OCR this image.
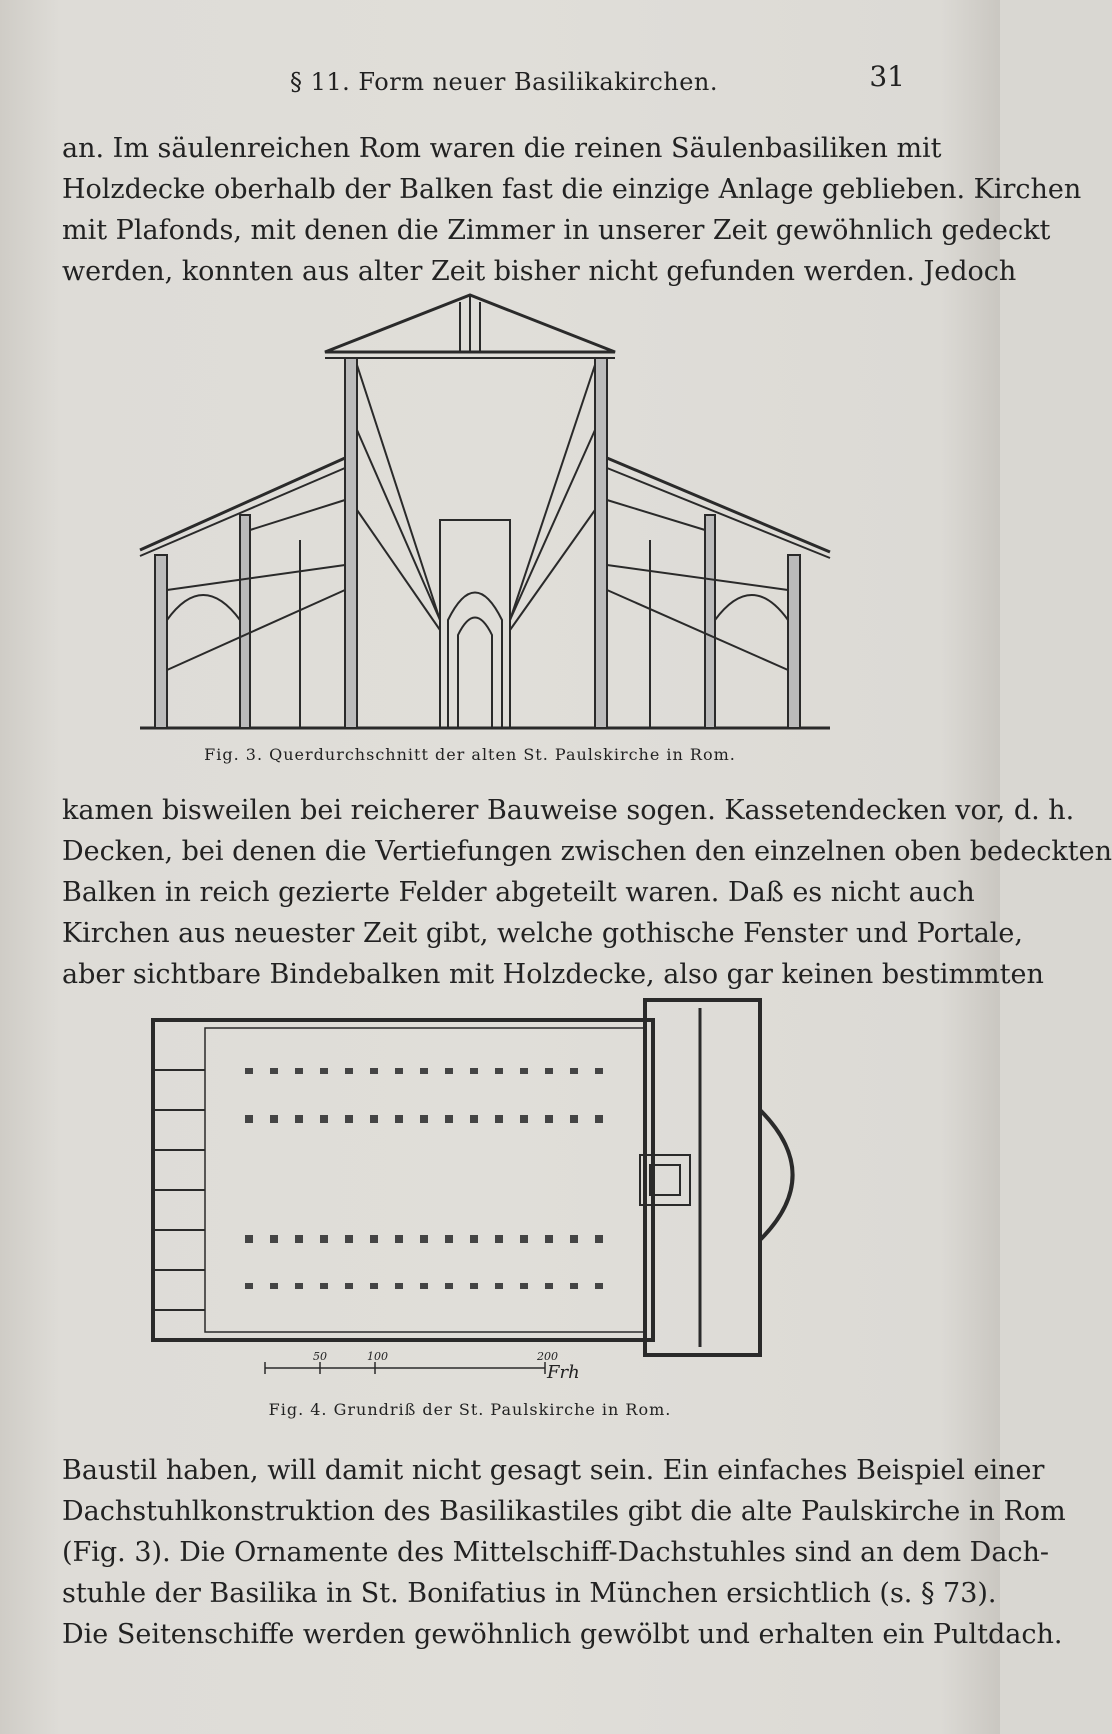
§ 11. Form neuer Basilikakirchen.	31
an. Im säulenreichen Rom waren die reinen Säulenbasiliken mit
Holzdecke oberhalb der Balken fast die einzige Anlage geblieben. Kirchen
mit Plafonds, mit denen die Zimmer in unserer Zeit gewöhnlich gedeckt
werden, konnten aus alter Zeit bisher nicht gefunden werden. Jedoch
Fig. 3. Querdurchschnitt der alten St. Paulskirche in Rom.
kamen bisweilen bei reicherer Bauweise sogen. Kassetendecken vor, d. h.
Decken, bei denen die Vertiefungen zwischen den einzelnen oben bedeckten
Balken in reich gezierte Felder abgeteilt waren. Daß es nicht auch
Kirchen aus neuester Zeit gibt, welche gothische Fenster und Portale,
aber sichtbare Bindebalken mit Holzdecke, also gar keinen bestimmten
50	100	200
Frh
Fig. 4. Grundriß der St. Paulskirche in Rom.
Baustil haben, will damit nicht gesagt sein. Ein einfaches Beispiel einer
Dachstuhlkonstruktion des Basilikastiles gibt die alte Paulskirche in Rom
(Fig. 3). Die Ornamente des Mittelschiff-Dachstuhles sind an dem Dach-
stuhle der Basilika in St. Bonifatius in München ersichtlich (s. § 73).
Die Seitenschiffe werden gewöhnlich gewölbt und erhalten ein Pultdach.
